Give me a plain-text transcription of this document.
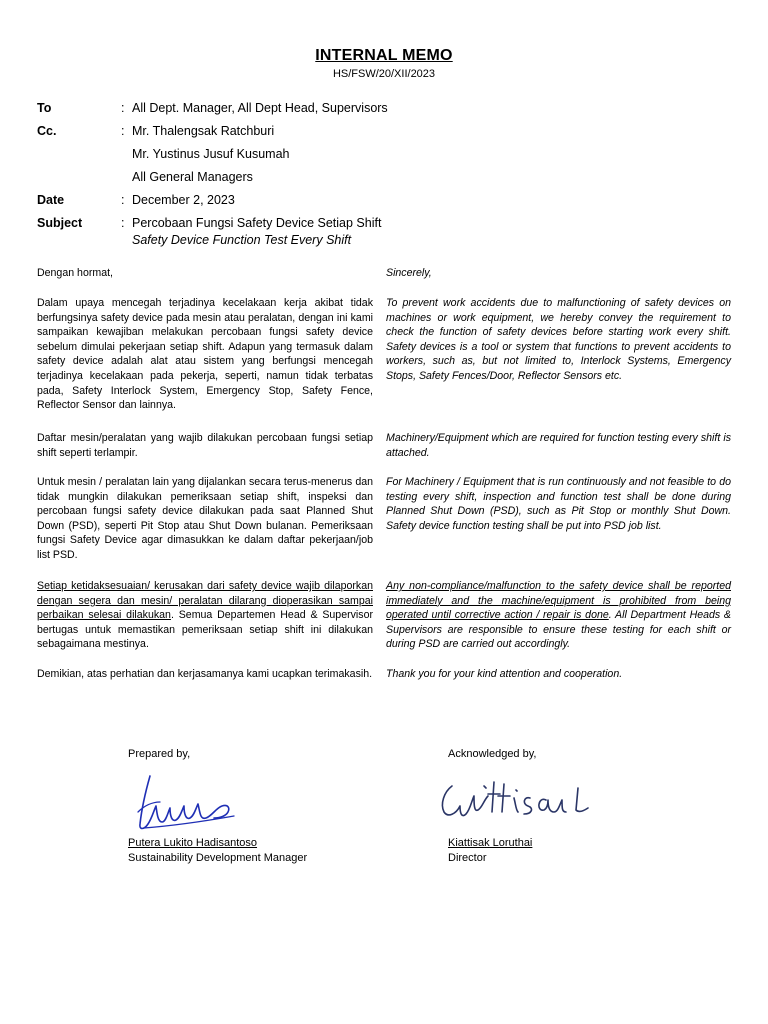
INTERNAL MEMO
HS/FSW/20/XII/2023
To	: All Dept. Manager, All Dept Head, Supervisors
Cc.	: Mr. Thalengsak Ratchburi
Mr. Yustinus Jusuf Kusumah
All General Managers
Date	: December 2, 2023
Subject	: Percobaan Fungsi Safety Device Setiap Shift
Safety Device Function Test Every Shift

Dengan hormat,

Dalam upaya mencegah terjadinya kecelakaan kerja akibat tidak berfungsinya safety device pada mesin atau peralatan, dengan ini kami sampaikan kewajiban melakukan percobaan fungsi safety device sebelum dimulai pekerjaan setiap shift. Adapun yang termasuk dalam safety device adalah alat atau sistem yang berfungsi mencegah terjadinya kecelakaan pada pekerja, seperti, namun tidak terbatas pada, Safety Interlock System, Emergency Stop, Safety Fence, Reflector Sensor dan lainnya.

Daftar mesin/peralatan yang wajib dilakukan percobaan fungsi setiap shift seperti terlampir.

Untuk mesin / peralatan lain yang dijalankan secara terus-menerus dan tidak mungkin dilakukan pemeriksaan setiap shift, inspeksi dan percobaan fungsi safety device dilakukan pada saat Planned Shut Down (PSD), seperti Pit Stop atau Shut Down bulanan. Pemeriksaan fungsi Safety Device agar dimasukkan ke dalam daftar pekerjaan/job list PSD.

Setiap ketidaksesuaian/ kerusakan dari safety device wajib dilaporkan dengan segera dan mesin/ peralatan dilarang dioperasikan sampai perbaikan selesai dilakukan. Semua Departemen Head & Supervisor bertugas untuk memastikan pemeriksaan setiap shift ini dilakukan sebagaimana mestinya.

Demikian, atas perhatian dan kerjasamanya kami ucapkan terimakasih.

Sincerely,

To prevent work accidents due to malfunctioning of safety devices on machines or work equipment, we hereby convey the requirement to check the function of safety devices before starting work every shift. Safety devices is a tool or system that functions to prevent accidents to workers, such as, but not limited to, Interlock Systems, Emergency Stops, Safety Fences/Door, Reflector Sensors etc.

Machinery/Equipment which are required for function testing every shift is attached.

For Machinery / Equipment that is run continuously and not feasible to do testing every shift, inspection and function test shall be done during Planned Shut Down (PSD), such as Pit Stop or monthly Shut Down. Safety device function testing shall be put into PSD job list.

Any non-compliance/malfunction to the safety device shall be reported immediately and the machine/equipment is prohibited from being operated until corrective action / repair is done. All Department Heads & Supervisors are responsible to ensure these testing for each shift or during PSD are carried out accordingly.

Thank you for your kind attention and cooperation.

Prepared by,	Acknowledged by,
Putera Lukito Hadisantoso
Sustainability Development Manager
Kiattisak Loruthai
Director
